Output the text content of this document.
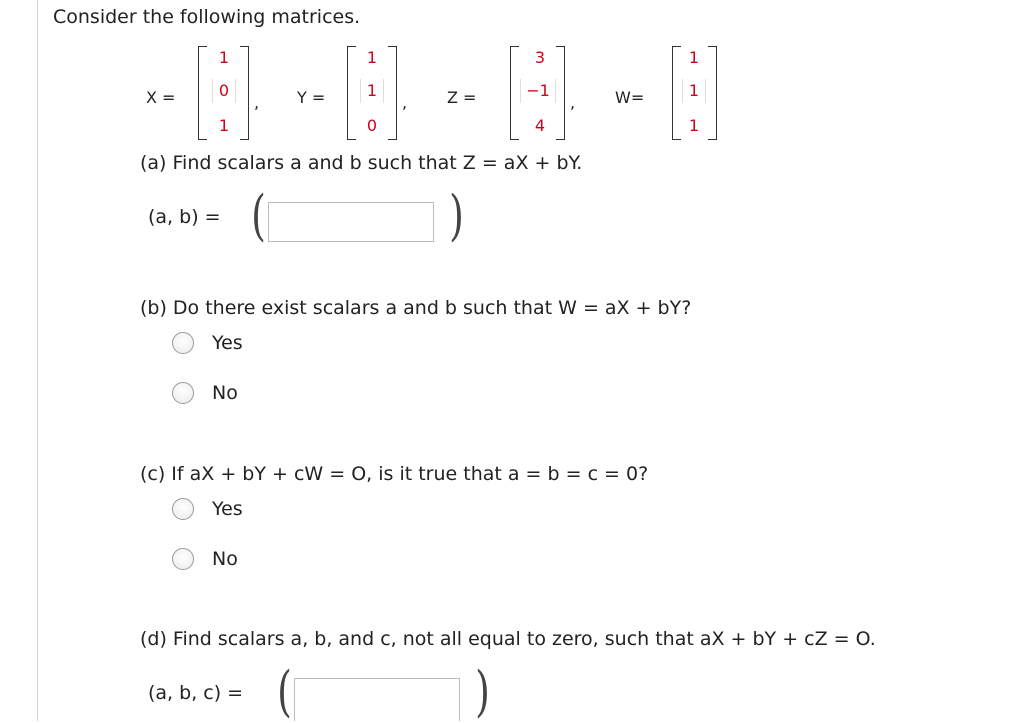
Consider the following matrices.
X =
1
0
1
, Y =
1
1
0
, Z =
3
−1
4
, W=
1
1
1
(a) Find scalars a and b such that Z = aX + bY.
(a, b) = (	)
(b) Do there exist scalars a and b such that W = aX + bY?
Yes
No
(c) If aX + bY + cW = O, is it true that a = b = c = 0?
Yes
No
(d) Find scalars a, b, and c, not all equal to zero, such that aX + bY + cZ = O.
(a, b, c) = (	)
